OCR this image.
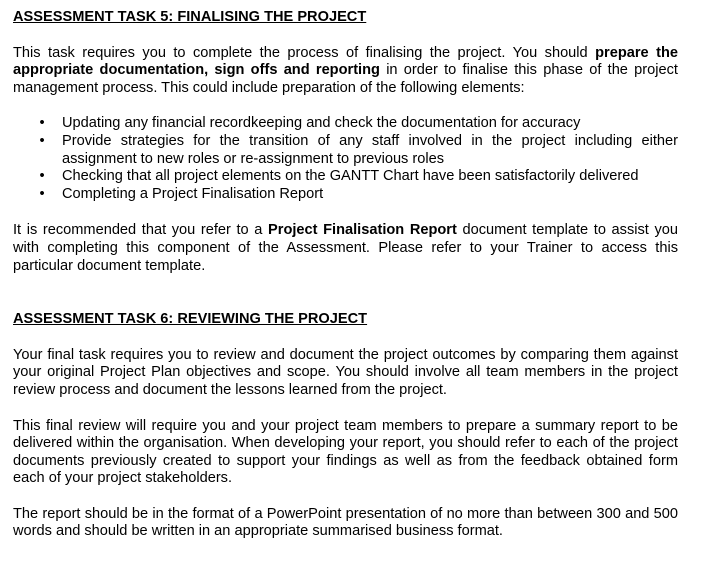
ASSESSMENT TASK 5: FINALISING THE PROJECT

This task requires you to complete the process of finalising the project. You should prepare the appropriate documentation, sign offs and reporting in order to finalise this phase of the project management process. This could include preparation of the following elements:

• Updating any financial recordkeeping and check the documentation for accuracy
• Provide strategies for the transition of any staff involved in the project including either assignment to new roles or re-assignment to previous roles
• Checking that all project elements on the GANTT Chart have been satisfactorily delivered
• Completing a Project Finalisation Report

It is recommended that you refer to a Project Finalisation Report document template to assist you with completing this component of the Assessment. Please refer to your Trainer to access this particular document template.

ASSESSMENT TASK 6: REVIEWING THE PROJECT

Your final task requires you to review and document the project outcomes by comparing them against your original Project Plan objectives and scope. You should involve all team members in the project review process and document the lessons learned from the project.

This final review will require you and your project team members to prepare a summary report to be delivered within the organisation. When developing your report, you should refer to each of the project documents previously created to support your findings as well as from the feedback obtained form each of your project stakeholders.

The report should be in the format of a PowerPoint presentation of no more than between 300 and 500 words and should be written in an appropriate summarised business format.
